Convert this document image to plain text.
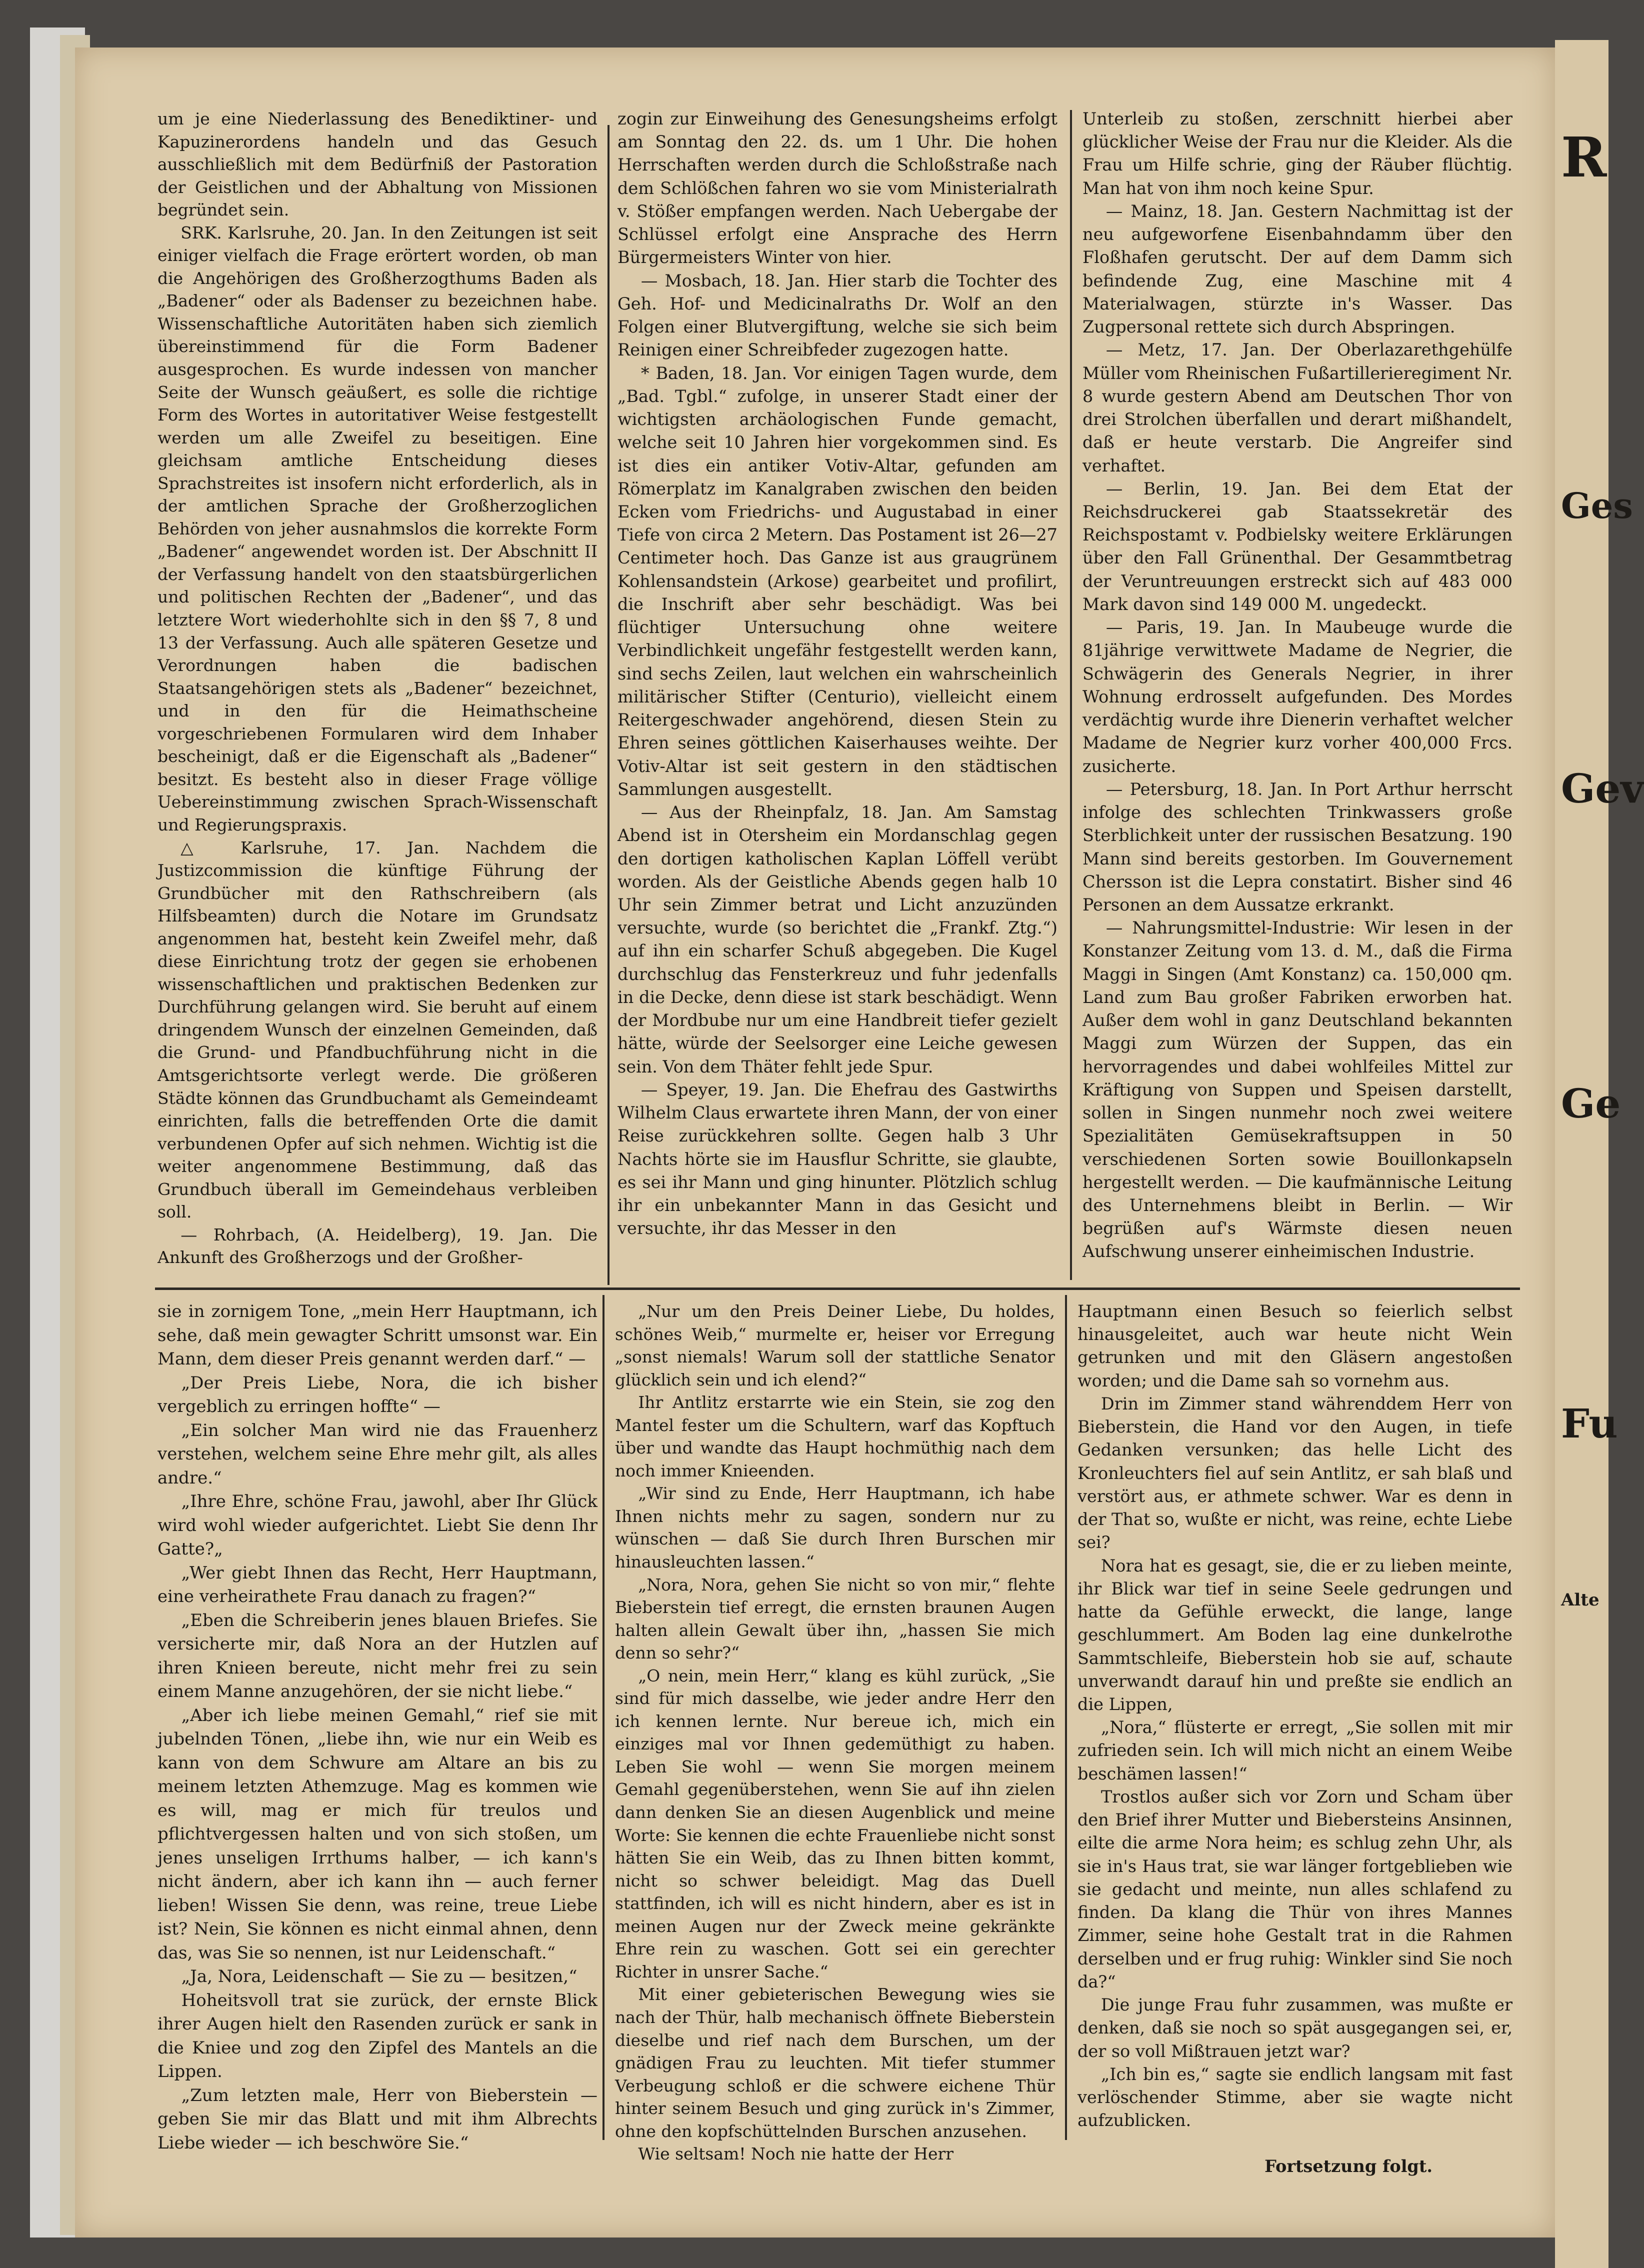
R
Ges
Gev
Ge
Fu
Alte

um je eine Niederlassung des Benediktiner- und Kapuzinerordens handeln und das Gesuch ausschließlich mit dem Bedürfniß der Pastoration der Geistlichen und der Abhaltung von Missionen begründet sein.

SRK. Karlsruhe, 20. Jan. In den Zeitungen ist seit einiger vielfach die Frage erörtert worden, ob man die Angehörigen des Großherzogthums Baden als „Badener“ oder als Badenser zu bezeichnen habe. Wissenschaftliche Autoritäten haben sich ziemlich übereinstimmend für die Form Badener ausgesprochen. Es wurde indessen von mancher Seite der Wunsch geäußert, es solle die richtige Form des Wortes in autoritativer Weise festgestellt werden um alle Zweifel zu beseitigen. Eine gleichsam amtliche Entscheidung dieses Sprachstreites ist insofern nicht erforderlich, als in der amtlichen Sprache der Großherzoglichen Behörden von jeher ausnahmslos die korrekte Form „Badener“ angewendet worden ist. Der Abschnitt II der Verfassung handelt von den staatsbürgerlichen und politischen Rechten der „Badener“, und das letztere Wort wiederhohlte sich in den §§ 7, 8 und 13 der Verfassung. Auch alle späteren Gesetze und Verordnungen haben die badischen Staatsangehörigen stets als „Badener“ bezeichnet, und in den für die Heimathscheine vorgeschriebenen Formularen wird dem Inhaber bescheinigt, daß er die Eigenschaft als „Badener“ besitzt. Es besteht also in dieser Frage völlige Uebereinstimmung zwischen Sprach-Wissenschaft und Regierungspraxis.

△ Karlsruhe, 17. Jan. Nachdem die Justizcommission die künftige Führung der Grundbücher mit den Rathschreibern (als Hilfsbeamten) durch die Notare im Grundsatz angenommen hat, besteht kein Zweifel mehr, daß diese Einrichtung trotz der gegen sie erhobenen wissenschaftlichen und praktischen Bedenken zur Durchführung gelangen wird. Sie beruht auf einem dringendem Wunsch der einzelnen Gemeinden, daß die Grund- und Pfandbuchführung nicht in die Amtsgerichtsorte verlegt werde. Die größeren Städte können das Grundbuchamt als Gemeindeamt einrichten, falls die betreffenden Orte die damit verbundenen Opfer auf sich nehmen. Wichtig ist die weiter angenommene Bestimmung, daß das Grundbuch überall im Gemeindehaus verbleiben soll.

— Rohrbach, (A. Heidelberg), 19. Jan. Die Ankunft des Großherzogs und der Großher-

zogin zur Einweihung des Genesungsheims erfolgt am Sonntag den 22. ds. um 1 Uhr. Die hohen Herrschaften werden durch die Schloßstraße nach dem Schlößchen fahren wo sie vom Ministerialrath v. Stößer empfangen werden. Nach Uebergabe der Schlüssel erfolgt eine Ansprache des Herrn Bürgermeisters Winter von hier.

— Mosbach, 18. Jan. Hier starb die Tochter des Geh. Hof- und Medicinalraths Dr. Wolf an den Folgen einer Blutvergiftung, welche sie sich beim Reinigen einer Schreibfeder zugezogen hatte.

* Baden, 18. Jan. Vor einigen Tagen wurde, dem „Bad. Tgbl.“ zufolge, in unserer Stadt einer der wichtigsten archäologischen Funde gemacht, welche seit 10 Jahren hier vorgekommen sind. Es ist dies ein antiker Votiv-Altar, gefunden am Römerplatz im Kanalgraben zwischen den beiden Ecken vom Friedrichs- und Augustabad in einer Tiefe von circa 2 Metern. Das Postament ist 26—27 Centimeter hoch. Das Ganze ist aus graugrünem Kohlensandstein (Arkose) gearbeitet und profilirt, die Inschrift aber sehr beschädigt. Was bei flüchtiger Untersuchung ohne weitere Verbindlichkeit ungefähr festgestellt werden kann, sind sechs Zeilen, laut welchen ein wahrscheinlich militärischer Stifter (Centurio), vielleicht einem Reitergeschwader angehörend, diesen Stein zu Ehren seines göttlichen Kaiserhauses weihte. Der Votiv-Altar ist seit gestern in den städtischen Sammlungen ausgestellt.

— Aus der Rheinpfalz, 18. Jan. Am Samstag Abend ist in Otersheim ein Mordanschlag gegen den dortigen katholischen Kaplan Löffell verübt worden. Als der Geistliche Abends gegen halb 10 Uhr sein Zimmer betrat und Licht anzuzünden versuchte, wurde (so berichtet die „Frankf. Ztg.“) auf ihn ein scharfer Schuß abgegeben. Die Kugel durchschlug das Fensterkreuz und fuhr jedenfalls in die Decke, denn diese ist stark beschädigt. Wenn der Mordbube nur um eine Handbreit tiefer gezielt hätte, würde der Seelsorger eine Leiche gewesen sein. Von dem Thäter fehlt jede Spur.

— Speyer, 19. Jan. Die Ehefrau des Gastwirths Wilhelm Claus erwartete ihren Mann, der von einer Reise zurückkehren sollte. Gegen halb 3 Uhr Nachts hörte sie im Hausflur Schritte, sie glaubte, es sei ihr Mann und ging hinunter. Plötzlich schlug ihr ein unbekannter Mann in das Gesicht und versuchte, ihr das Messer in den

Unterleib zu stoßen, zerschnitt hierbei aber glücklicher Weise der Frau nur die Kleider. Als die Frau um Hilfe schrie, ging der Räuber flüchtig. Man hat von ihm noch keine Spur.

— Mainz, 18. Jan. Gestern Nachmittag ist der neu aufgeworfene Eisenbahndamm über den Floßhafen gerutscht. Der auf dem Damm sich befindende Zug, eine Maschine mit 4 Materialwagen, stürzte in's Wasser. Das Zugpersonal rettete sich durch Abspringen.

— Metz, 17. Jan. Der Oberlazarethgehülfe Müller vom Rheinischen Fußartillerieregiment Nr. 8 wurde gestern Abend am Deutschen Thor von drei Strolchen überfallen und derart mißhandelt, daß er heute verstarb. Die Angreifer sind verhaftet.

— Berlin, 19. Jan. Bei dem Etat der Reichsdruckerei gab Staatssekretär des Reichspostamt v. Podbielsky weitere Erklärungen über den Fall Grünenthal. Der Gesammtbetrag der Veruntreuungen erstreckt sich auf 483 000 Mark davon sind 149 000 M. ungedeckt.

— Paris, 19. Jan. In Maubeuge wurde die 81jährige verwittwete Madame de Negrier, die Schwägerin des Generals Negrier, in ihrer Wohnung erdrosselt aufgefunden. Des Mordes verdächtig wurde ihre Dienerin verhaftet welcher Madame de Negrier kurz vorher 400,000 Frcs. zusicherte.

— Petersburg, 18. Jan. In Port Arthur herrscht infolge des schlechten Trinkwassers große Sterblichkeit unter der russischen Besatzung. 190 Mann sind bereits gestorben. Im Gouvernement Chersson ist die Lepra constatirt. Bisher sind 46 Personen an dem Aussatze erkrankt.

— Nahrungsmittel-Industrie: Wir lesen in der Konstanzer Zeitung vom 13. d. M., daß die Firma Maggi in Singen (Amt Konstanz) ca. 150,000 qm. Land zum Bau großer Fabriken erworben hat. Außer dem wohl in ganz Deutschland bekannten Maggi zum Würzen der Suppen, das ein hervorragendes und dabei wohlfeiles Mittel zur Kräftigung von Suppen und Speisen darstellt, sollen in Singen nunmehr noch zwei weitere Spezialitäten Gemüsekraftsuppen in 50 verschiedenen Sorten sowie Bouillonkapseln hergestellt werden. — Die kaufmännische Leitung des Unternehmens bleibt in Berlin. — Wir begrüßen auf's Wärmste diesen neuen Aufschwung unserer einheimischen Industrie.

sie in zornigem Tone, „mein Herr Hauptmann, ich sehe, daß mein gewagter Schritt umsonst war. Ein Mann, dem dieser Preis genannt werden darf.“ —

„Der Preis Liebe, Nora, die ich bisher vergeblich zu erringen hoffte“ —

„Ein solcher Man wird nie das Frauenherz verstehen, welchem seine Ehre mehr gilt, als alles andre.“

„Ihre Ehre, schöne Frau, jawohl, aber Ihr Glück wird wohl wieder aufgerichtet. Liebt Sie denn Ihr Gatte?„

„Wer giebt Ihnen das Recht, Herr Hauptmann, eine verheirathete Frau danach zu fragen?“

„Eben die Schreiberin jenes blauen Briefes. Sie versicherte mir, daß Nora an der Hutzlen auf ihren Knieen bereute, nicht mehr frei zu sein einem Manne anzugehören, der sie nicht liebe.“

„Aber ich liebe meinen Gemahl,“ rief sie mit jubelnden Tönen, „liebe ihn, wie nur ein Weib es kann von dem Schwure am Altare an bis zu meinem letzten Athemzuge. Mag es kommen wie es will, mag er mich für treulos und pflichtvergessen halten und von sich stoßen, um jenes unseligen Irrthums halber, — ich kann's nicht ändern, aber ich kann ihn — auch ferner lieben! Wissen Sie denn, was reine, treue Liebe ist? Nein, Sie können es nicht einmal ahnen, denn das, was Sie so nennen, ist nur Leidenschaft.“

„Ja, Nora, Leidenschaft — Sie zu — besitzen,“

Hoheitsvoll trat sie zurück, der ernste Blick ihrer Augen hielt den Rasenden zurück er sank in die Kniee und zog den Zipfel des Mantels an die Lippen.

„Zum letzten male, Herr von Bieberstein — geben Sie mir das Blatt und mit ihm Albrechts Liebe wieder — ich beschwöre Sie.“

„Nur um den Preis Deiner Liebe, Du holdes, schönes Weib,“ murmelte er, heiser vor Erregung „sonst niemals! Warum soll der stattliche Senator glücklich sein und ich elend?“

Ihr Antlitz erstarrte wie ein Stein, sie zog den Mantel fester um die Schultern, warf das Kopftuch über und wandte das Haupt hochmüthig nach dem noch immer Knieenden.

„Wir sind zu Ende, Herr Hauptmann, ich habe Ihnen nichts mehr zu sagen, sondern nur zu wünschen — daß Sie durch Ihren Burschen mir hinausleuchten lassen.“

„Nora, Nora, gehen Sie nicht so von mir,“ flehte Bieberstein tief erregt, die ernsten braunen Augen halten allein Gewalt über ihn, „hassen Sie mich denn so sehr?“

„O nein, mein Herr,“ klang es kühl zurück, „Sie sind für mich dasselbe, wie jeder andre Herr den ich kennen lernte. Nur bereue ich, mich ein einziges mal vor Ihnen gedemüthigt zu haben. Leben Sie wohl — wenn Sie morgen meinem Gemahl gegenüberstehen, wenn Sie auf ihn zielen dann denken Sie an diesen Augenblick und meine Worte: Sie kennen die echte Frauenliebe nicht sonst hätten Sie ein Weib, das zu Ihnen bitten kommt, nicht so schwer beleidigt. Mag das Duell stattfinden, ich will es nicht hindern, aber es ist in meinen Augen nur der Zweck meine gekränkte Ehre rein zu waschen. Gott sei ein gerechter Richter in unsrer Sache.“

Mit einer gebieterischen Bewegung wies sie nach der Thür, halb mechanisch öffnete Bieberstein dieselbe und rief nach dem Burschen, um der gnädigen Frau zu leuchten. Mit tiefer stummer Verbeugung schloß er die schwere eichene Thür hinter seinem Besuch und ging zurück in's Zimmer, ohne den kopfschüttelnden Burschen anzusehen.

Wie seltsam! Noch nie hatte der Herr

Hauptmann einen Besuch so feierlich selbst hinausgeleitet, auch war heute nicht Wein getrunken und mit den Gläsern angestoßen worden; und die Dame sah so vornehm aus.

Drin im Zimmer stand währenddem Herr von Bieberstein, die Hand vor den Augen, in tiefe Gedanken versunken; das helle Licht des Kronleuchters fiel auf sein Antlitz, er sah blaß und verstört aus, er athmete schwer. War es denn in der That so, wußte er nicht, was reine, echte Liebe sei?

Nora hat es gesagt, sie, die er zu lieben meinte, ihr Blick war tief in seine Seele gedrungen und hatte da Gefühle erweckt, die lange, lange geschlummert. Am Boden lag eine dunkelrothe Sammtschleife, Bieberstein hob sie auf, schaute unverwandt darauf hin und preßte sie endlich an die Lippen,

„Nora,“ flüsterte er erregt, „Sie sollen mit mir zufrieden sein. Ich will mich nicht an einem Weibe beschämen lassen!“

Trostlos außer sich vor Zorn und Scham über den Brief ihrer Mutter und Biebersteins Ansinnen, eilte die arme Nora heim; es schlug zehn Uhr, als sie in's Haus trat, sie war länger fortgeblieben wie sie gedacht und meinte, nun alles schlafend zu finden. Da klang die Thür von ihres Mannes Zimmer, seine hohe Gestalt trat in die Rahmen derselben und er frug ruhig: Winkler sind Sie noch da?“

Die junge Frau fuhr zusammen, was mußte er denken, daß sie noch so spät ausgegangen sei, er, der so voll Mißtrauen jetzt war?

„Ich bin es,“ sagte sie endlich langsam mit fast verlöschender Stimme, aber sie wagte nicht aufzublicken.

Fortsetzung folgt.
